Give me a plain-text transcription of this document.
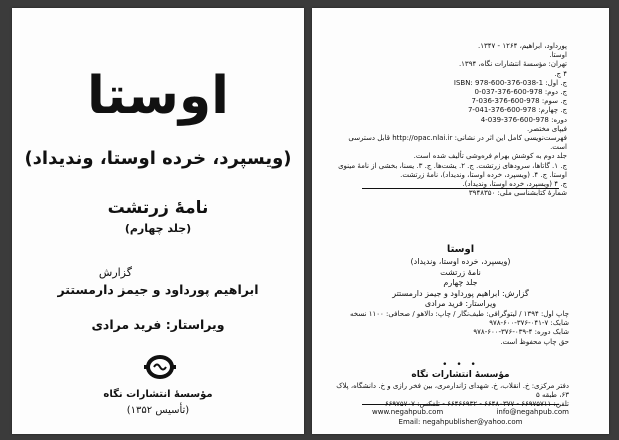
اوستا
(ویسپرد، خرده اوستا، وندیداد)
نامهٔ زرتشت
(جلد چهارم)
گزارش
ابراهیم پورداود و جیمز دارمستتر
ویراستار: فرید مرادی
مؤسسهٔ انتشارات نگاه
(تأسیس ۱۳۵۲)
پورداود، ابراهیم، ۱۲۶۴ - ۱۳۴۷.
اوستا.
تهران: مؤسسهٔ انتشارات نگاه، ۱۳۹۴.
۴ ج.
ج. اول: ISBN: 978-600-376-038-1
ج. دوم: 978-600-376-037-0
ج. سوم: 978-600-376-036-7
ج. چهارم: 978-600-376-041-7
دوره: 978-600-376-039-4
فیپای مختصر.
فهرست‌نویسی کامل این اثر در نشانی: http://opac.nlai.ir قابل دسترسی است.
جلد دوم به کوشش بهرام فره‌وشی تألیف شده است.
ج. ۱. گاتاها، سرودهای زرتشت. ج. ۲. یشت‌ها. ج. ۳. یسنا، بخشی از نامهٔ مینوی اوستا. ج. ۴. (ویسپرد، خرده اوستا، وندیداد)، نامهٔ زرتشت.
ج. ۴ (ویسپرد، خرده اوستا، وندیداد).
شمارهٔ کتابشناسی ملی: ۳۹۴۸۳۵۰
اوستا
(ویسپرد، خرده اوستا، وندیداد)
نامهٔ زرتشت
جلد چهارم
گزارش: ابراهیم پورداود و جیمز دارمستتر
ویراستار: فرید مرادی
چاپ اول: ۱۳۹۴ / لیتوگرافی: طیف‌نگار / چاپ: دالاهو / صحافی: ۱۱۰۰ نسخه
شابک: ۷-۰۴۱-۳۷۶-۶۰۰-۹۷۸
شابک دوره: ۴-۰۳۹-۳۷۶-۶۰۰-۹۷۸
حق چاپ محفوظ است.
• • •
مؤسسهٔ انتشارات نگاه
دفتر مرکزی: خ. انقلاب، خ. شهدای ژاندارمری، بین فخر رازی و خ. دانشگاه، پلاک ۶۳، طبقه ۵
تلفن: ۶۶۹۷۵۷۱۱ - ۶۶۴۸۰۳۷۷ - ۶۶۴۶۶۹۳۲ - تلفکس: ۶۶۹۷۵۷۰۷
www.negahpub.com	info@negahpub.com
Email: negahpublisher@yahoo.com
